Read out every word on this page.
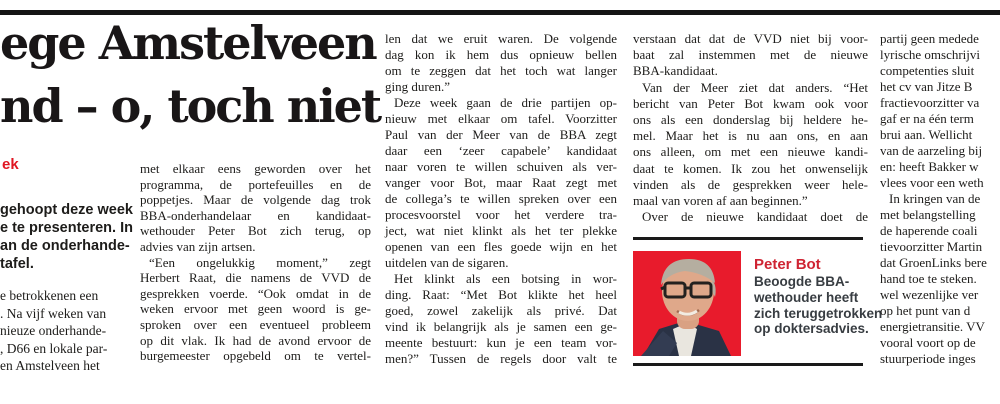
ege Amstelveen
nd – o, toch niet
ek
gehoopt deze week
e te presenteren. In
an de onderhande-
tafel.
e betrokkenen een
. Na vijf weken van
nieuze onderhande-
, D66 en lokale par-
en Amstelveen het
met elkaar eens geworden over het
programma, de portefeuilles en de
poppetjes. Maar de volgende dag trok
BBA-onderhandelaar en kandidaat-
wethouder Peter Bot zich terug, op
advies van zijn artsen.
“Een ongelukkig moment,” zegt
Herbert Raat, die namens de VVD de
gesprekken voerde. “Ook omdat in de
weken ervoor met geen woord is ge-
sproken over een eventueel probleem
op dit vlak. Ik had de avond ervoor de
burgemeester opgebeld om te vertel-
len dat we eruit waren. De volgende
dag kon ik hem dus opnieuw bellen
om te zeggen dat het toch wat langer
ging duren.”
Deze week gaan de drie partijen op-
nieuw met elkaar om tafel. Voorzitter
Paul van der Meer van de BBA zegt
daar een ‘zeer capabele’ kandidaat
naar voren te willen schuiven als ver-
vanger voor Bot, maar Raat zegt met
de collega’s te willen spreken over een
procesvoorstel voor het verdere tra-
ject, wat niet klinkt als het ter plekke
openen van een fles goede wijn en het
uitdelen van de sigaren.
Het klinkt als een botsing in wor-
ding. Raat: “Met Bot klikte het heel
goed, zowel zakelijk als privé. Dat
vind ik belangrijk als je samen een ge-
meente bestuurt: kun je een team vor-
men?” Tussen de regels door valt te
verstaan dat dat de VVD niet bij voor-
baat zal instemmen met de nieuwe
BBA-kandidaat.
Van der Meer ziet dat anders. “Het
bericht van Peter Bot kwam ook voor
ons als een donderslag bij heldere he-
mel. Maar het is nu aan ons, en aan
ons alleen, om met een nieuwe kandi-
daat te komen. Ik zou het onwenselijk
vinden als de gesprekken weer hele-
maal van voren af aan beginnen.”
Over de nieuwe kandidaat doet de
Peter Bot
Beoogde BBA-
wethouder heeft
zich teruggetrokken
op doktersadvies.
partij geen medede
lyrische omschrijvi
competenties sluit
het cv van Jitze B
fractievoorzitter va
gaf er na één term
brui aan. Wellicht
van de aarzeling bij
en: heeft Bakker w
vlees voor een weth
In kringen van de
met belangstelling
de haperende coali
tievoorzitter Martin
dat GroenLinks bere
hand toe te steken.
wel wezenlijke ver
op het punt van d
energietransitie. VV
vooral voort op de
stuurperiode inges
